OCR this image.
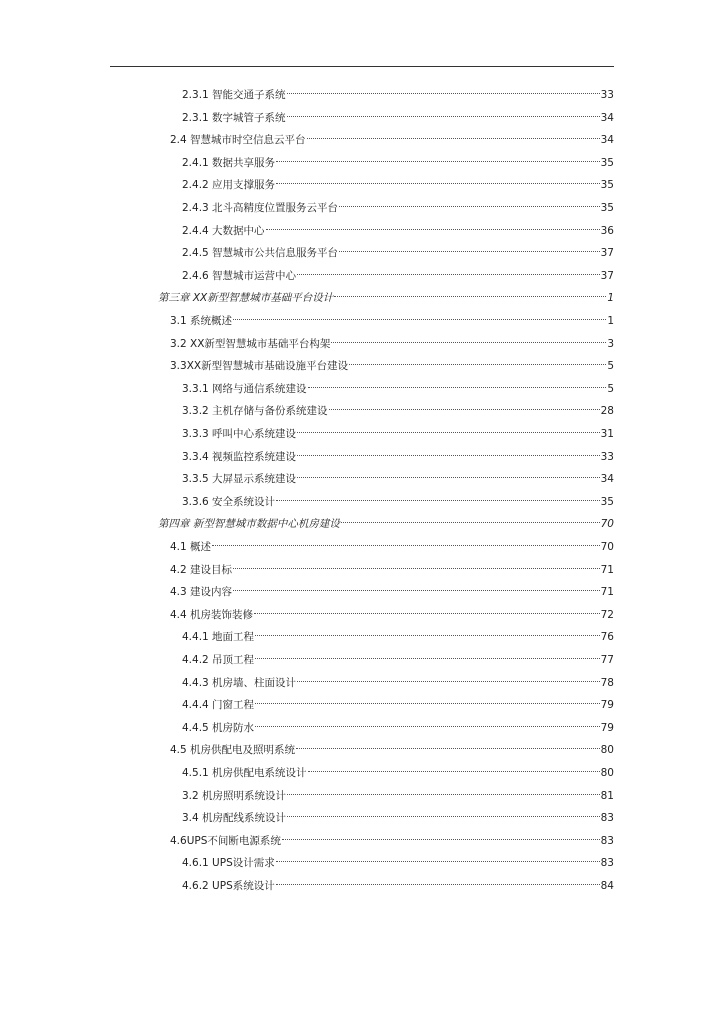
2.3.1 智能交通子系统	33
2.3.1 数字城管子系统	34
2.4 智慧城市时空信息云平台	34
2.4.1 数据共享服务	35
2.4.2 应用支撑服务	35
2.4.3 北斗高精度位置服务云平台	35
2.4.4 大数据中心	36
2.4.5 智慧城市公共信息服务平台	37
2.4.6 智慧城市运营中心	37
第三章 XX新型智慧城市基础平台设计	1
3.1 系统概述	1
3.2 XX新型智慧城市基础平台构架	3
3.3XX新型智慧城市基础设施平台建设	5
3.3.1 网络与通信系统建设	5
3.3.2 主机存储与备份系统建设	28
3.3.3 呼叫中心系统建设	31
3.3.4 视频监控系统建设	33
3.3.5 大屏显示系统建设	34
3.3.6 安全系统设计	35
第四章 新型智慧城市数据中心机房建设	70
4.1 概述	70
4.2 建设目标	71
4.3 建设内容	71
4.4 机房装饰装修	72
4.4.1 地面工程	76
4.4.2 吊顶工程	77
4.4.3 机房墙、柱面设计	78
4.4.4 门窗工程	79
4.4.5 机房防水	79
4.5 机房供配电及照明系统	80
4.5.1 机房供配电系统设计	80
3.2 机房照明系统设计	81
3.4 机房配线系统设计	83
4.6UPS不间断电源系统	83
4.6.1 UPS设计需求	83
4.6.2 UPS系统设计	84
